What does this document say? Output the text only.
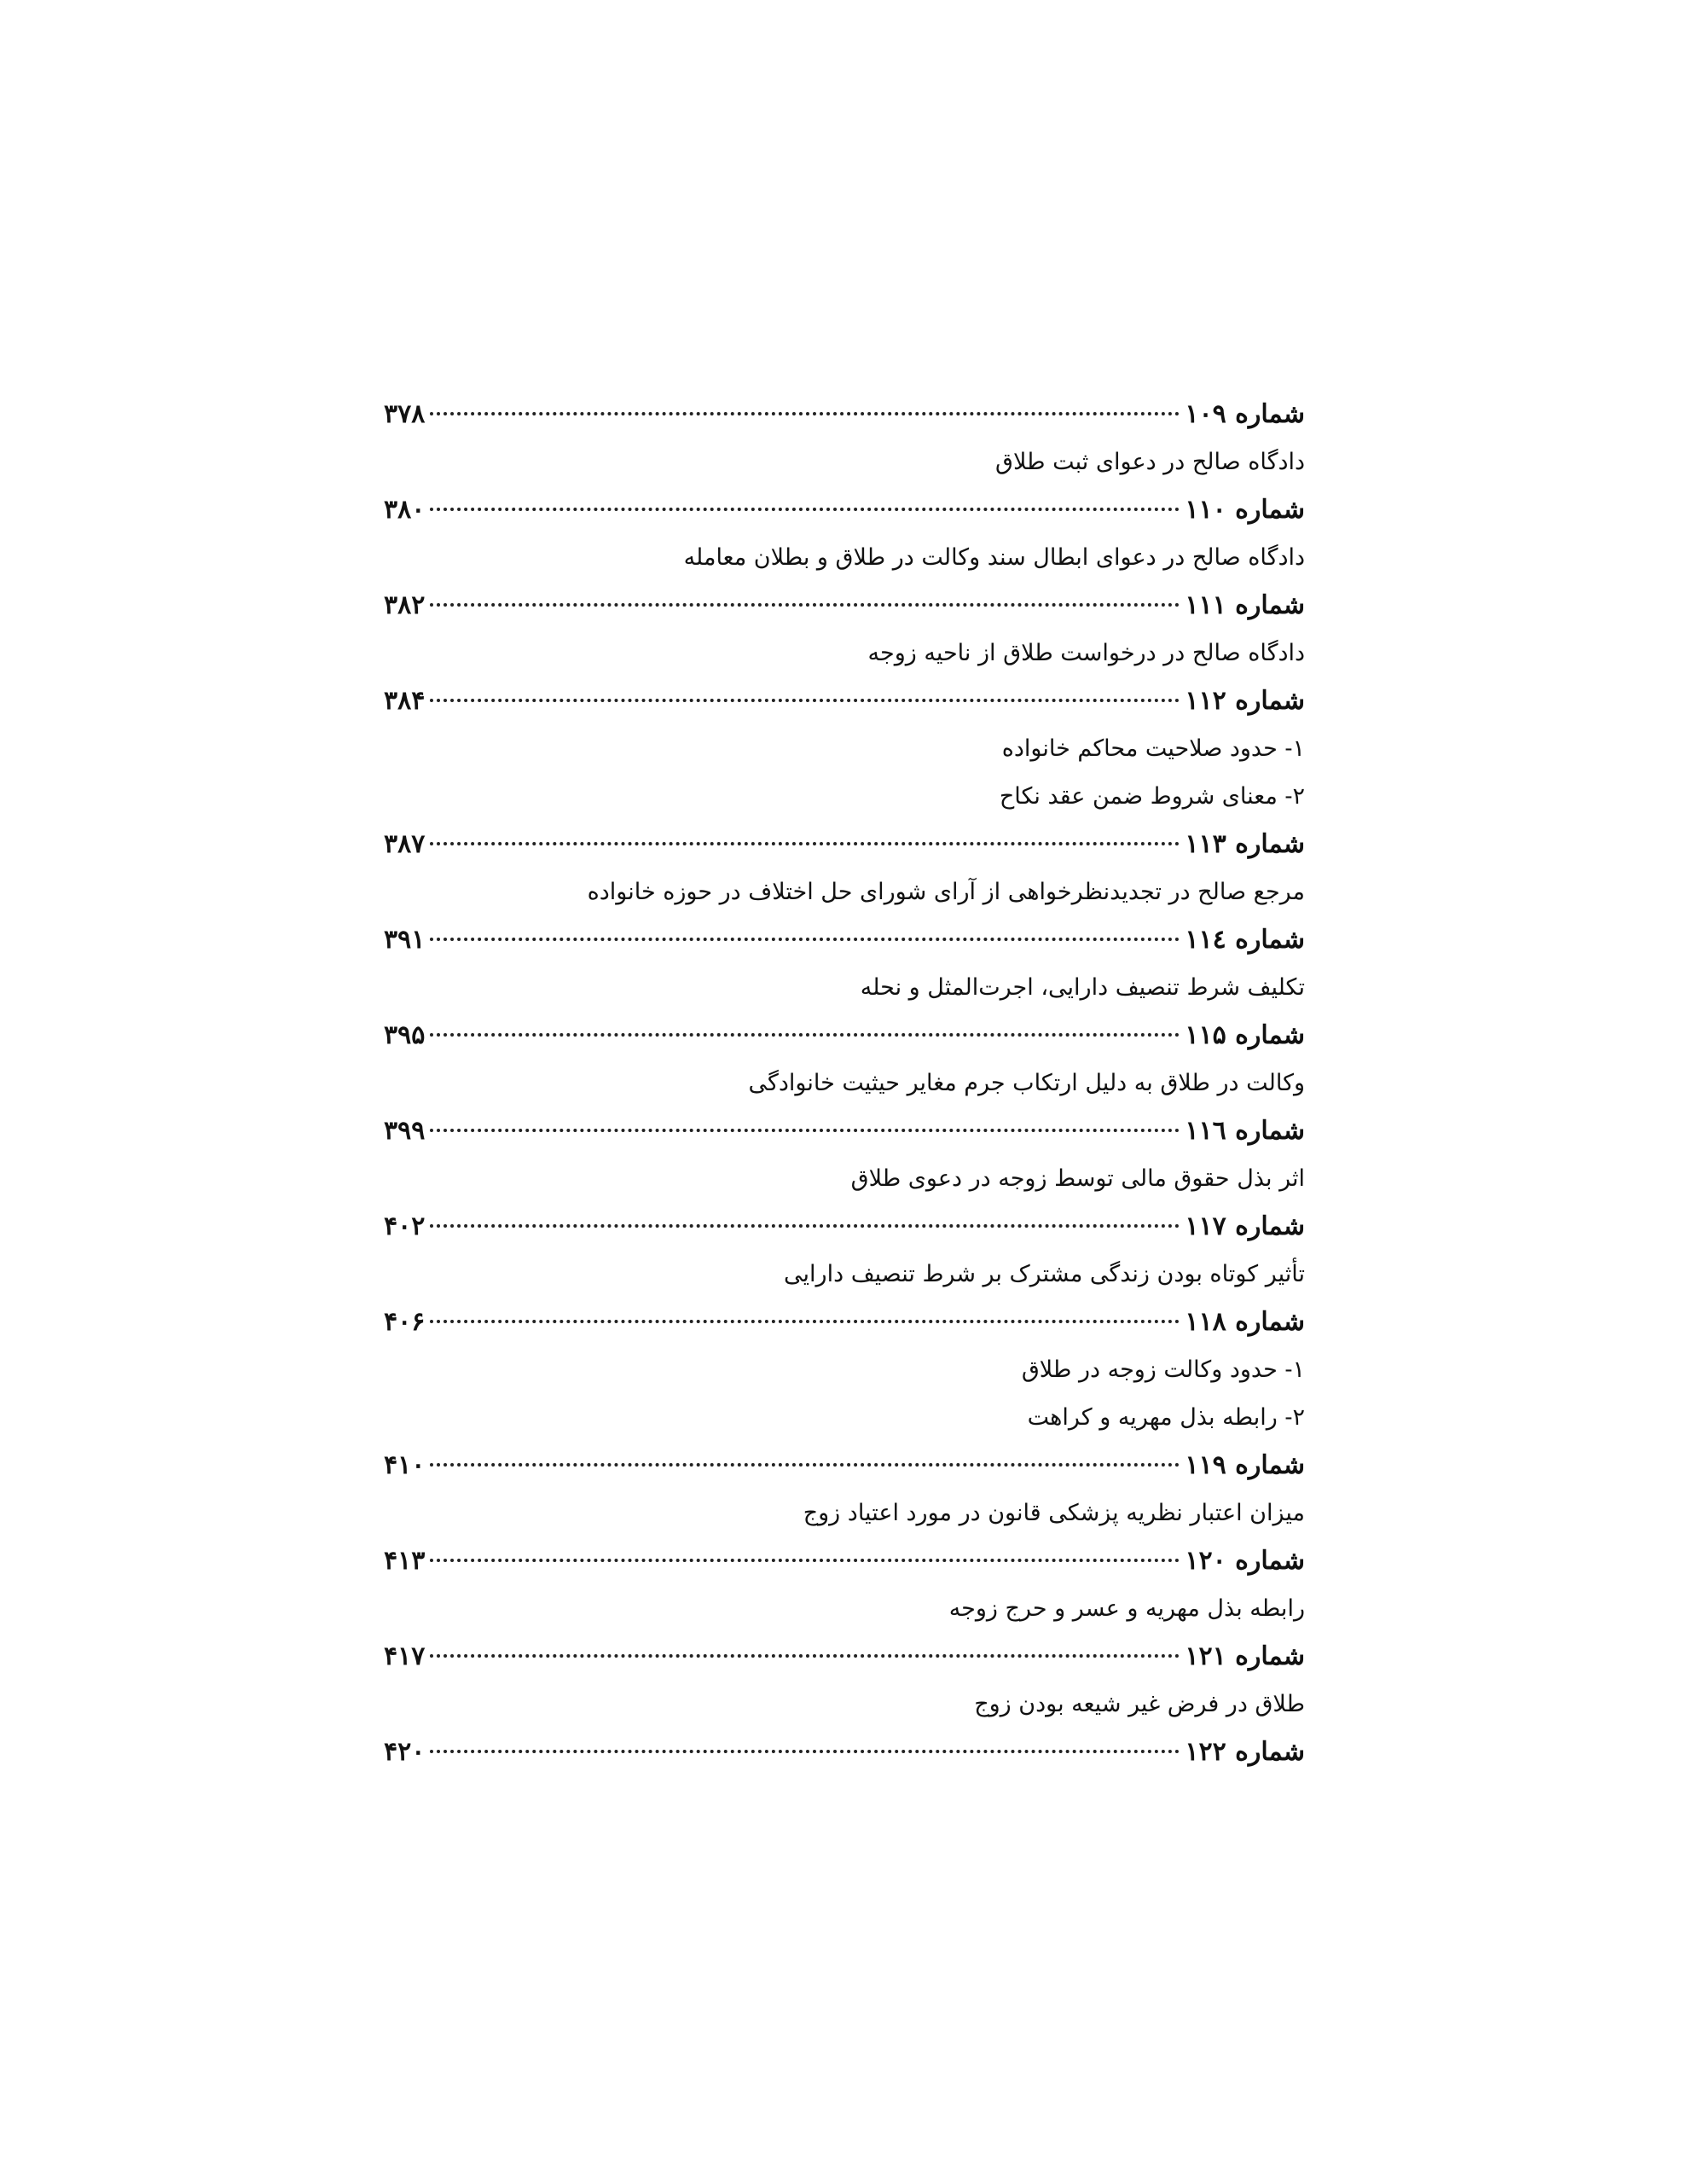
شماره ۱۰۹
۳۷۸
دادگاه صالح در دعوای ثبت طلاق
شماره ۱۱۰
۳۸۰
دادگاه صالح در دعوای ابطال سند وکالت در طلاق و بطلان معامله
شماره ۱۱۱
۳۸۲
دادگاه صالح در درخواست طلاق از ناحیه زوجه
شماره ۱۱۲
۳۸۴
۱- حدود صلاحیت محاکم خانواده
۲- معنای شروط ضمن عقد نکاح
شماره ۱۱۳
۳۸۷
مرجع صالح در تجدیدنظرخواهی از آرای شورای حل اختلاف در حوزه خانواده
شماره ۱۱٤
۳۹۱
تکلیف شرط تنصیف دارایی، اجرت‌المثل و نحله
شماره ۱۱۵
۳۹۵
وکالت در طلاق به دلیل ارتکاب جرم مغایر حیثیت خانوادگی
شماره ۱۱٦
۳۹۹
اثر بذل حقوق مالی توسط زوجه در دعوی طلاق
شماره ۱۱۷
۴۰۲
تأثیر کوتاه بودن زندگی مشترک بر شرط تنصیف دارایی
شماره ۱۱۸
۴۰۶
۱- حدود وکالت زوجه در طلاق
۲- رابطه بذل مهریه و کراهت
شماره ۱۱۹
۴۱۰
میزان اعتبار نظریه پزشکی قانون در مورد اعتیاد زوج
شماره ۱۲۰
۴۱۳
رابطه بذل مهریه و عسر و حرج زوجه
شماره ۱۲۱
۴۱۷
طلاق در فرض غیر شیعه بودن زوج
شماره ۱۲۲
۴۲۰
